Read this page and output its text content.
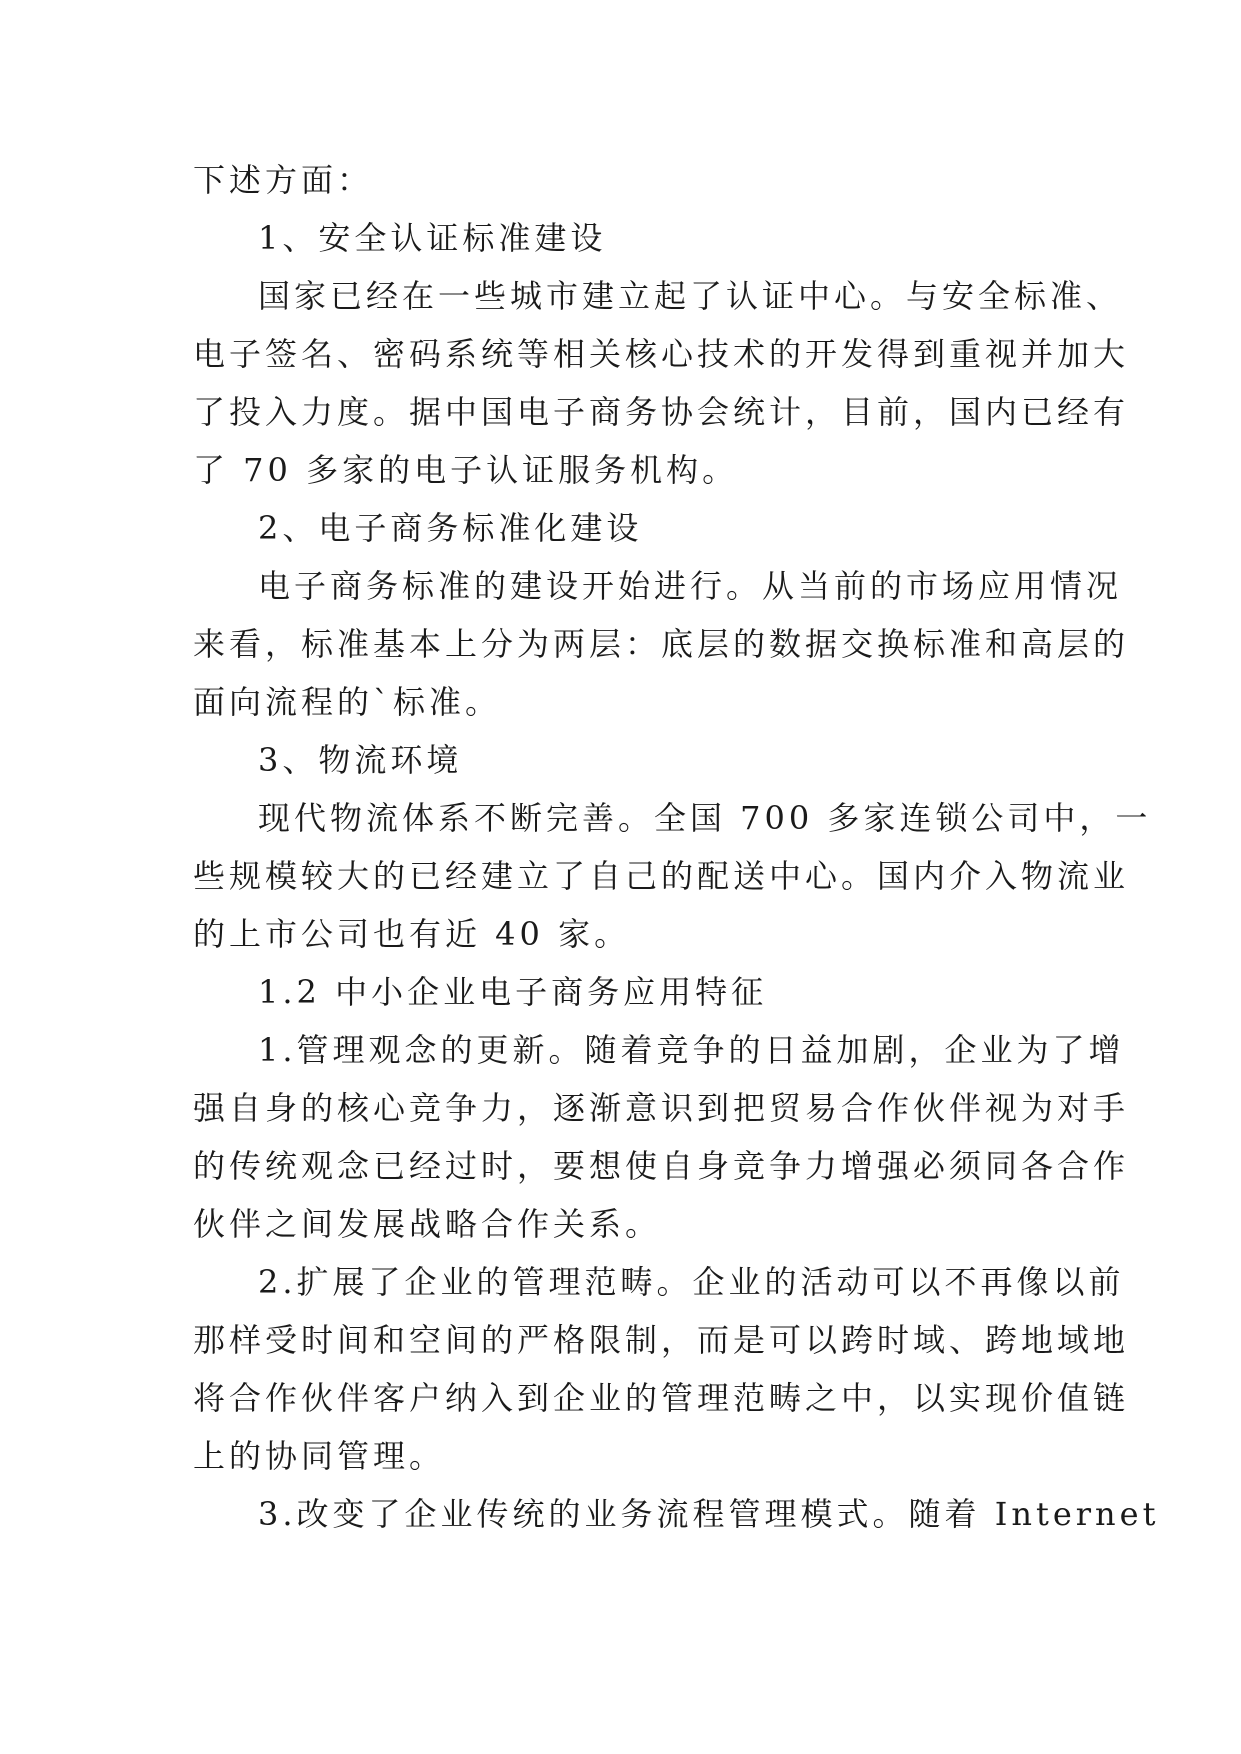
下述方面：
1、安全认证标准建设
国家已经在一些城市建立起了认证中心。与安全标准、
电子签名、密码系统等相关核心技术的开发得到重视并加大
了投入力度。据中国电子商务协会统计，目前，国内已经有
了 70 多家的电子认证服务机构。
2、电子商务标准化建设
电子商务标准的建设开始进行。从当前的市场应用情况
来看，标准基本上分为两层：底层的数据交换标准和高层的
面向流程的`标准。
3、物流环境
现代物流体系不断完善。全国 700 多家连锁公司中，一
些规模较大的已经建立了自己的配送中心。国内介入物流业
的上市公司也有近 40 家。
1.2 中小企业电子商务应用特征
1.管理观念的更新。随着竞争的日益加剧，企业为了增
强自身的核心竞争力，逐渐意识到把贸易合作伙伴视为对手
的传统观念已经过时，要想使自身竞争力增强必须同各合作
伙伴之间发展战略合作关系。
2.扩展了企业的管理范畴。企业的活动可以不再像以前
那样受时间和空间的严格限制，而是可以跨时域、跨地域地
将合作伙伴客户纳入到企业的管理范畴之中，以实现价值链
上的协同管理。
3.改变了企业传统的业务流程管理模式。随着 Internet
